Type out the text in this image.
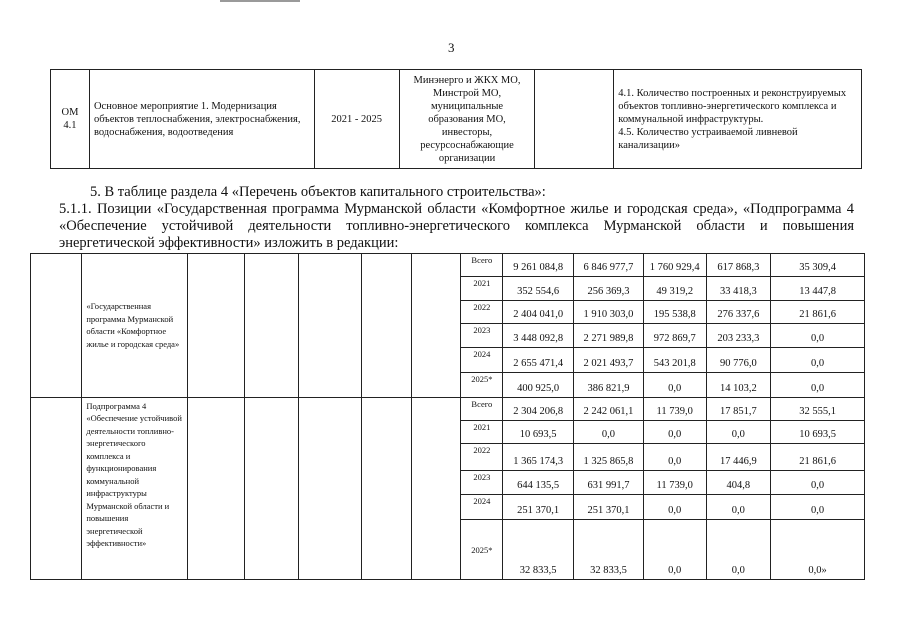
3
ОМ
4.1	Основное мероприятие 1. Модернизация объектов теплоснабжения, электроснабжения, водоснабжения, водоотведения	2021 - 2025	Минэнерго и ЖКХ МО, Минстрой МО, муниципальные образования МО, инвесторы, ресурсоснабжающие организации		4.1. Количество построенных и реконструируемых объектов топливно-энергетического комплекса и коммунальной инфраструктуры.
4.5. Количество устраиваемой ливневой канализации»
5. В таблице раздела 4 «Перечень объектов капитального строительства»:
5.1.1. Позиции «Государственная программа Мурманской области «Комфортное жилье и городская среда», «Подпрограмма 4 «Обеспечение устойчивой деятельности топливно-энергетического комплекса Мурманской области и повышения энергетической эффективности» изложить в редакции:
	«Государственная программа Мурманской области «Комфортное жилье и городская среда»						Всего	9 261 084,8	6 846 977,7	1 760 929,4	617 868,3	35 309,4
							2021	352 554,6	256 369,3	49 319,2	33 418,3	13 447,8
							2022	2 404 041,0	1 910 303,0	195 538,8	276 337,6	21 861,6
							2023	3 448 092,8	2 271 989,8	972 869,7	203 233,3	0,0
							2024	2 655 471,4	2 021 493,7	543 201,8	90 776,0	0,0
							2025*	400 925,0	386 821,9	0,0	14 103,2	0,0
	Подпрограмма 4 «Обеспечение устойчивой деятельности топливно-энергетического комплекса и функционирования коммунальной инфраструктуры Мурманской области и повышения энергетической эффективности»						Всего	2 304 206,8	2 242 061,1	11 739,0	17 851,7	32 555,1
							2021	10 693,5	0,0	0,0	0,0	10 693,5
							2022	1 365 174,3	1 325 865,8	0,0	17 446,9	21 861,6
							2023	644 135,5	631 991,7	11 739,0	404,8	0,0
							2024	251 370,1	251 370,1	0,0	0,0	0,0
							2025*	32 833,5	32 833,5	0,0	0,0	0,0»
